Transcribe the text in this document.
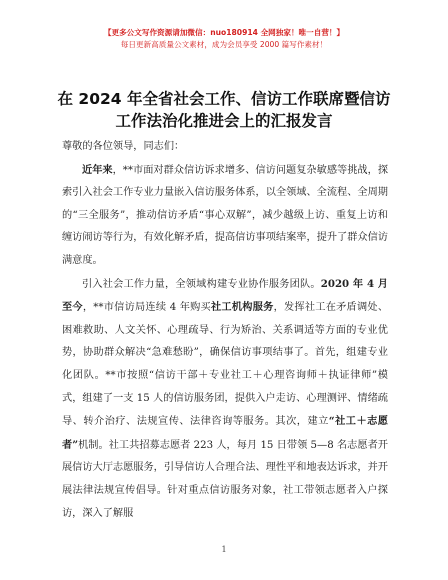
【更多公文写作资源请加微信：nuo180914 全网独家！唯一自营！】
每日更新高质量公文素材，成为会员享受 2000 篇写作素材！
在 2024 年全省社会工作、信访工作联席暨信访
工作法治化推进会上的汇报发言

尊敬的各位领导，同志们：

近年来，**市面对群众信访诉求增多、信访问题复杂敏感等挑战，探索引入社会工作专业力量嵌入信访服务体系，以全领域、全流程、全周期的“三全服务”，推动信访矛盾“事心双解”，减少越级上访、重复上访和缠访闹访等行为，有效化解矛盾，提高信访事项结案率，提升了群众信访满意度。

引入社会工作力量，全领域构建专业协作服务团队。2020 年 4 月至今，**市信访局连续 4 年购买社工机构服务，发挥社工在矛盾调处、困难救助、人文关怀、心理疏导、行为矫治、关系调适等方面的专业优势，协助群众解决“急难愁盼”，确保信访事项结事了。首先，组建专业化团队。**市按照“信访干部＋专业社工＋心理咨询师＋执证律师”模式，组建了一支 15 人的信访服务团，提供入户走访、心理测评、情绪疏导、转介治疗、法规宣传、法律咨询等服务。其次，建立“社工＋志愿者”机制。社工共招募志愿者 223 人，每月 15 日带领 5—8 名志愿者开展信访大厅志愿服务，引导信访人合理合法、理性平和地表达诉求，并开展法律法规宣传倡导。针对重点信访服务对象，社工带领志愿者入户探访，深入了解服

1
